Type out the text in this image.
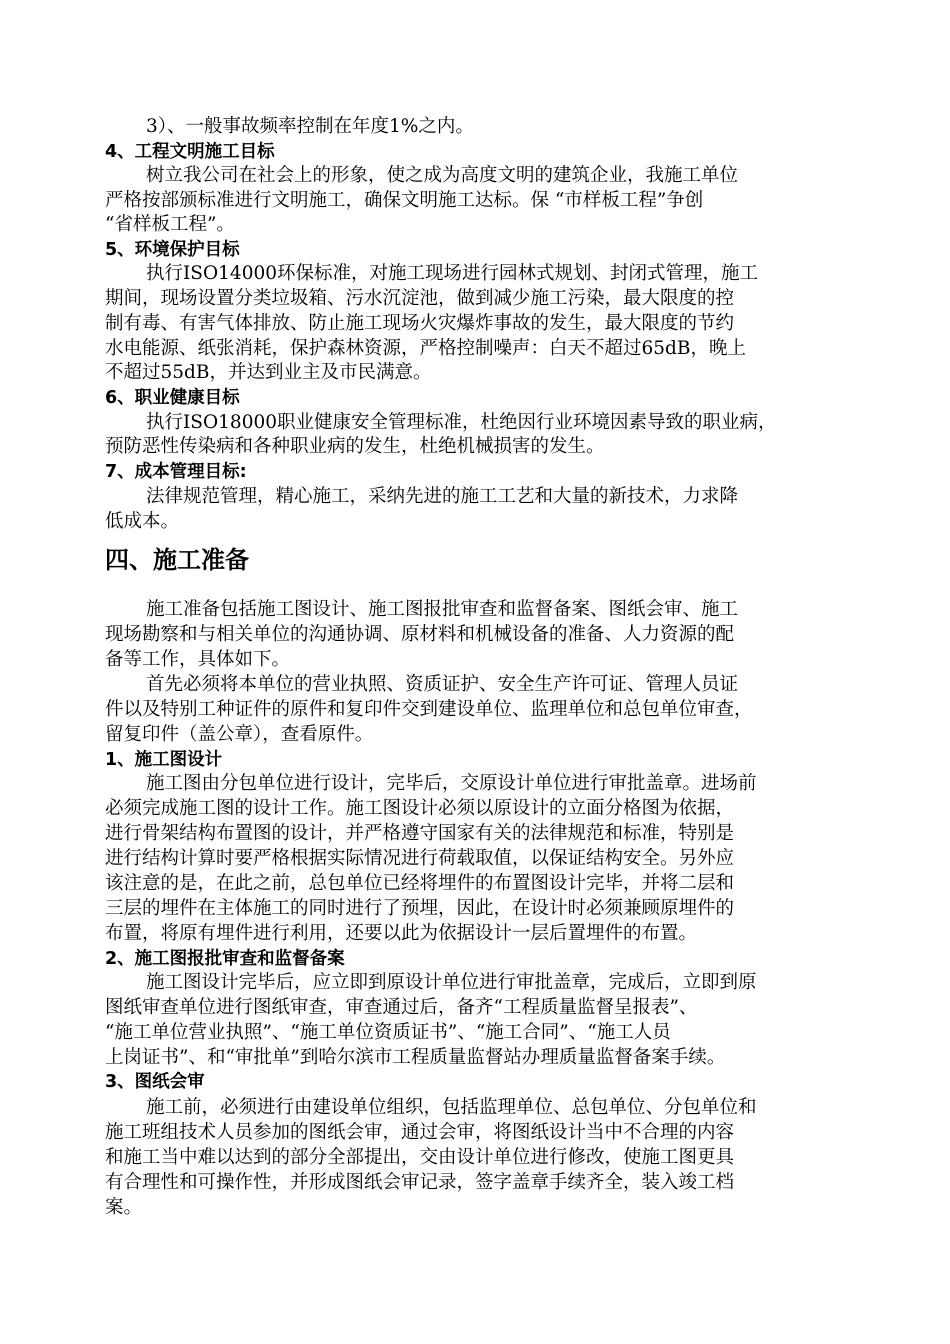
3）、一般事故频率控制在年度1%之内。
4、工程文明施工目标
树立我公司在社会上的形象，使之成为高度文明的建筑企业，我施工单位
严格按部颁标准进行文明施工，确保文明施工达标。保 “市样板工程”争创
“省样板工程”。
5、环境保护目标
执行ISO14000环保标准，对施工现场进行园林式规划、封闭式管理，施工
期间，现场设置分类垃圾箱、污水沉淀池，做到减少施工污染，最大限度的控
制有毒、有害气体排放、防止施工现场火灾爆炸事故的发生，最大限度的节约
水电能源、纸张消耗，保护森林资源，严格控制噪声：白天不超过65dB，晚上
不超过55dB，并达到业主及市民满意。
6、职业健康目标
执行ISO18000职业健康安全管理标准，杜绝因行业环境因素导致的职业病，
预防恶性传染病和各种职业病的发生，杜绝机械损害的发生。
7、成本管理目标:
法律规范管理，精心施工，采纳先进的施工工艺和大量的新技术，力求降
低成本。
四、施工准备
施工准备包括施工图设计、施工图报批审查和监督备案、图纸会审、施工
现场勘察和与相关单位的沟通协调、原材料和机械设备的准备、人力资源的配
备等工作，具体如下。
首先必须将本单位的营业执照、资质证护、安全生产许可证、管理人员证
件以及特别工种证件的原件和复印件交到建设单位、监理单位和总包单位审查，
留复印件（盖公章），查看原件。
1、施工图设计
施工图由分包单位进行设计，完毕后，交原设计单位进行审批盖章。进场前
必须完成施工图的设计工作。施工图设计必须以原设计的立面分格图为依据，
进行骨架结构布置图的设计，并严格遵守国家有关的法律规范和标准，特别是
进行结构计算时要严格根据实际情况进行荷载取值，以保证结构安全。另外应
该注意的是，在此之前，总包单位已经将埋件的布置图设计完毕，并将二层和
三层的埋件在主体施工的同时进行了预埋，因此，在设计时必须兼顾原埋件的
布置，将原有埋件进行利用，还要以此为依据设计一层后置埋件的布置。
2、施工图报批审查和监督备案
施工图设计完毕后，应立即到原设计单位进行审批盖章，完成后，立即到原
图纸审查单位进行图纸审查，审查通过后，备齐“工程质量监督呈报表”、
“施工单位营业执照”、“施工单位资质证书”、“施工合同”、“施工人员
上岗证书”、和“审批单”到哈尔滨市工程质量监督站办理质量监督备案手续。
3、图纸会审
施工前，必须进行由建设单位组织，包括监理单位、总包单位、分包单位和
施工班组技术人员参加的图纸会审，通过会审，将图纸设计当中不合理的内容
和施工当中难以达到的部分全部提出，交由设计单位进行修改，使施工图更具
有合理性和可操作性，并形成图纸会审记录，签字盖章手续齐全，装入竣工档
案。
